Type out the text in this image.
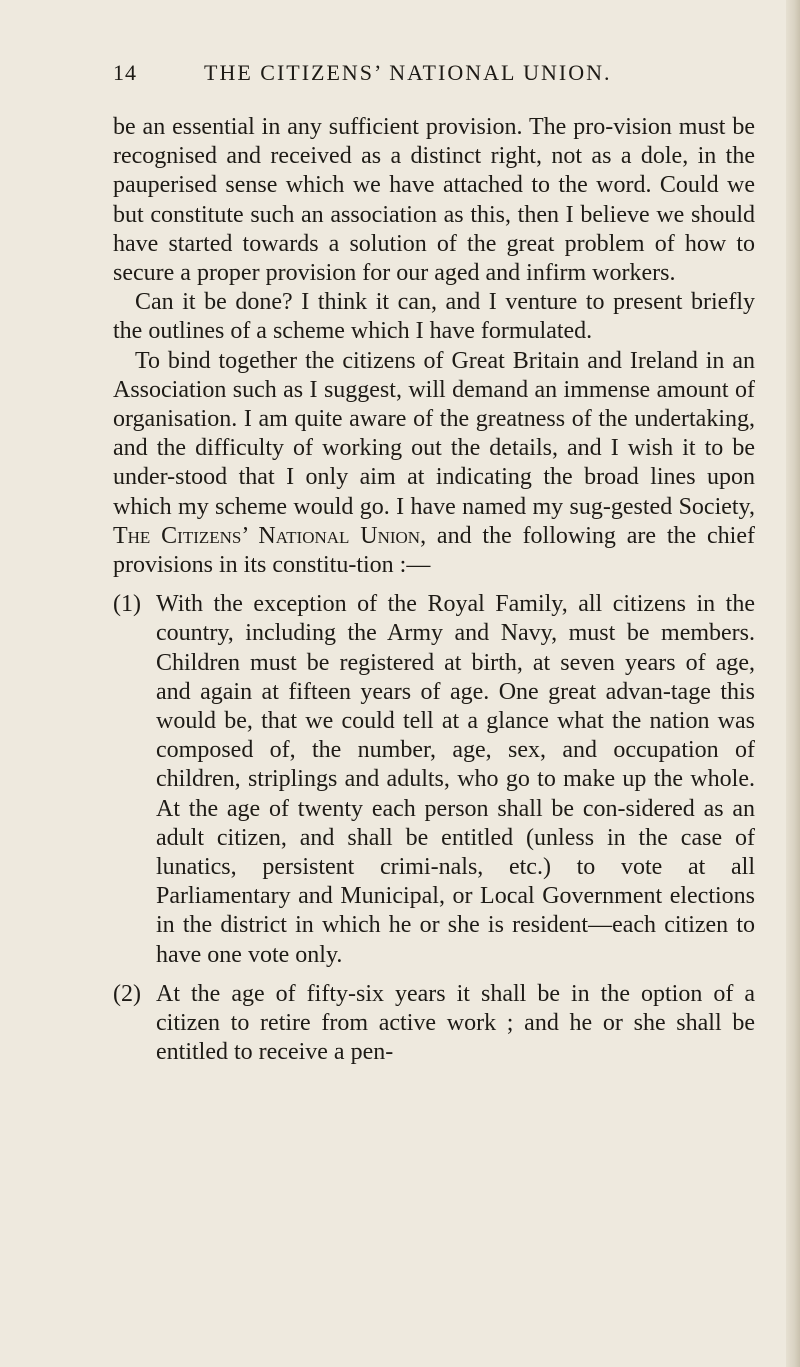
14	THE CITIZENS’ NATIONAL UNION.

be an essential in any sufficient provision. The pro-vision must be recognised and received as a distinct right, not as a dole, in the pauperised sense which we have attached to the word. Could we but constitute such an association as this, then I believe we should have started towards a solution of the great problem of how to secure a proper provision for our aged and infirm workers.

Can it be done? I think it can, and I venture to present briefly the outlines of a scheme which I have formulated.

To bind together the citizens of Great Britain and Ireland in an Association such as I suggest, will demand an immense amount of organisation. I am quite aware of the greatness of the undertaking, and the difficulty of working out the details, and I wish it to be under-stood that I only aim at indicating the broad lines upon which my scheme would go. I have named my sug-gested Society, The Citizens’ National Union, and the following are the chief provisions in its constitu-tion :—

(1) With the exception of the Royal Family, all citizens in the country, including the Army and Navy, must be members. Children must be registered at birth, at seven years of age, and again at fifteen years of age. One great advan-tage this would be, that we could tell at a glance what the nation was composed of, the number, age, sex, and occupation of children, striplings and adults, who go to make up the whole. At the age of twenty each person shall be con-sidered as an adult citizen, and shall be entitled (unless in the case of lunatics, persistent crimi-nals, etc.) to vote at all Parliamentary and Municipal, or Local Government elections in the district in which he or she is resident—each citizen to have one vote only.
(2) At the age of fifty-six years it shall be in the option of a citizen to retire from active work ; and he or she shall be entitled to receive a pen-
